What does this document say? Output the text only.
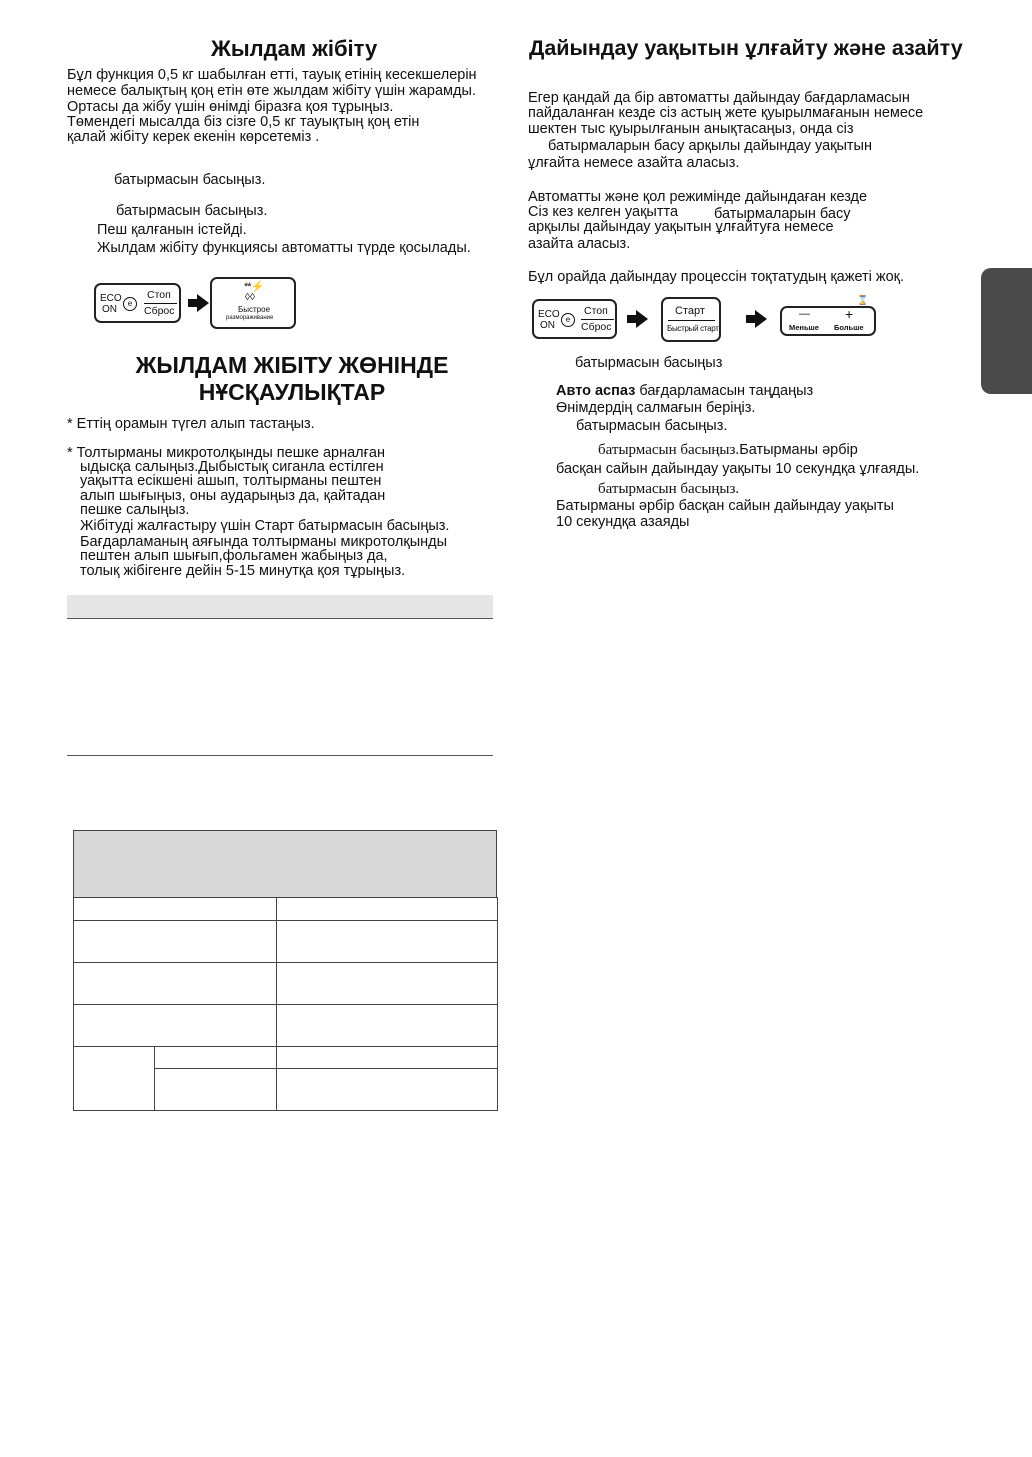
Жылдам жібіту
Бұл функция 0,5 кг шабылған етті, тауық етінің кесекшелерін
немесе балықтың қоң етін өте жылдам жібіту үшін жарамды.
Ортасы да жібу үшін өнімді біразға қоя тұрыңыз.
Төмендегі мысалда біз сізге 0,5 кг тауықтың қоң етін
қалай жібіту керек екенін көрсетеміз .
батырмасын басыңыз.
батырмасын басыңыз.
Пеш қалғанын істейді.
Жылдам жібіту функциясы автоматты түрде қосылады.
ECO
ON
e
Стоп
Сброс
**⚡
◊◊
Быстрое
размораживание
ЖЫЛДАМ ЖІБІТУ ЖӨНІНДЕ
НҰСҚАУЛЫҚТАР
* Еттің орамын түгел алып тастаңыз.
* Толтырманы микротолқынды пешке арналған
ыдысқа салыңыз.Дыбыстық сиганла естілген
уақытта есікшені ашып, толтырманы пештен
алып шығыңыз, оны аударыңыз да, қайтадан
пешке салыңыз.
Жібітуді жалғастыру үшін Старт батырмасын басыңыз.
Бағдарламаның аяғында толтырманы микротолқынды
пештен алып шығып,фольгамен жабыңыз да,
толық жібігенге дейін 5-15 минутқа қоя тұрыңыз.

Дайындау уақытын ұлғайту және азайту
Егер қандай да бір автоматты дайындау бағдарламасын
пайдаланған кезде сіз астың жете қуырылмағанын немесе
шектен тыс қуырылғанын анықтасаңыз, онда сіз
батырмаларын басу арқылы дайындау уақытын
ұлғайта немесе азайта аласыз.
Автоматты және қол режимінде дайындаған кезде
Сіз кез келген уақытта батырмаларын басу
арқылы дайындау уақытын ұлғайтуға немесе
азайта аласыз.
Бұл орайда дайындау процессін тоқтатудың қажеті жоқ.
ECO
ON
e
Стоп
Сброс
Старт
Быстрый старт
⌛
—	+
Меньше Больше
батырмасын басыңыз
Авто аспаз бағдарламасын таңдаңыз
Өнімдердің салмағын беріңіз.
батырмасын басыңыз.
батырмасын басыңыз.Батырманы әрбір
басқан сайын дайындау уақыты 10 секундқа ұлғаяды.
батырмасын басыңыз.
Батырманы әрбір басқан сайын дайындау уақыты
10 секундқа азаяды
